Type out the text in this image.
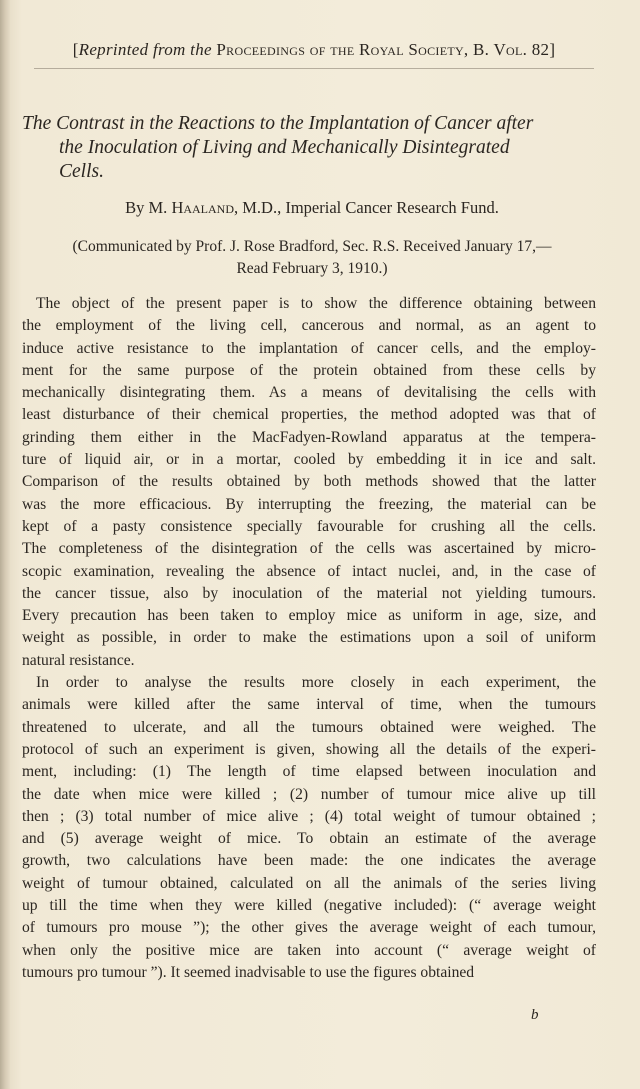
[Reprinted from the Proceedings of the Royal Society, B. Vol. 82]
The Contrast in the Reactions to the Implantation of Cancer after
the Inoculation of Living and Mechanically Disintegrated
Cells.
By M. Haaland, M.D., Imperial Cancer Research Fund.
(Communicated by Prof. J. Rose Bradford, Sec. R.S. Received January 17,—
Read February 3, 1910.)
The object of the present paper is to show the difference obtaining between
the employment of the living cell, cancerous and normal, as an agent to
induce active resistance to the implantation of cancer cells, and the employ-
ment for the same purpose of the protein obtained from these cells by
mechanically disintegrating them. As a means of devitalising the cells with
least disturbance of their chemical properties, the method adopted was that of
grinding them either in the MacFadyen-Rowland apparatus at the tempera-
ture of liquid air, or in a mortar, cooled by embedding it in ice and salt.
Comparison of the results obtained by both methods showed that the latter
was the more efficacious. By interrupting the freezing, the material can be
kept of a pasty consistence specially favourable for crushing all the cells.
The completeness of the disintegration of the cells was ascertained by micro-
scopic examination, revealing the absence of intact nuclei, and, in the case of
the cancer tissue, also by inoculation of the material not yielding tumours.
Every precaution has been taken to employ mice as uniform in age, size, and
weight as possible, in order to make the estimations upon a soil of uniform
natural resistance.
In order to analyse the results more closely in each experiment, the
animals were killed after the same interval of time, when the tumours
threatened to ulcerate, and all the tumours obtained were weighed. The
protocol of such an experiment is given, showing all the details of the experi-
ment, including: (1) The length of time elapsed between inoculation and
the date when mice were killed ; (2) number of tumour mice alive up till
then ; (3) total number of mice alive ; (4) total weight of tumour obtained ;
and (5) average weight of mice. To obtain an estimate of the average
growth, two calculations have been made: the one indicates the average
weight of tumour obtained, calculated on all the animals of the series living
up till the time when they were killed (negative included): (“ average weight
of tumours pro mouse ”); the other gives the average weight of each tumour,
when only the positive mice are taken into account (“ average weight of
tumours pro tumour ”). It seemed inadvisable to use the figures obtained
b
